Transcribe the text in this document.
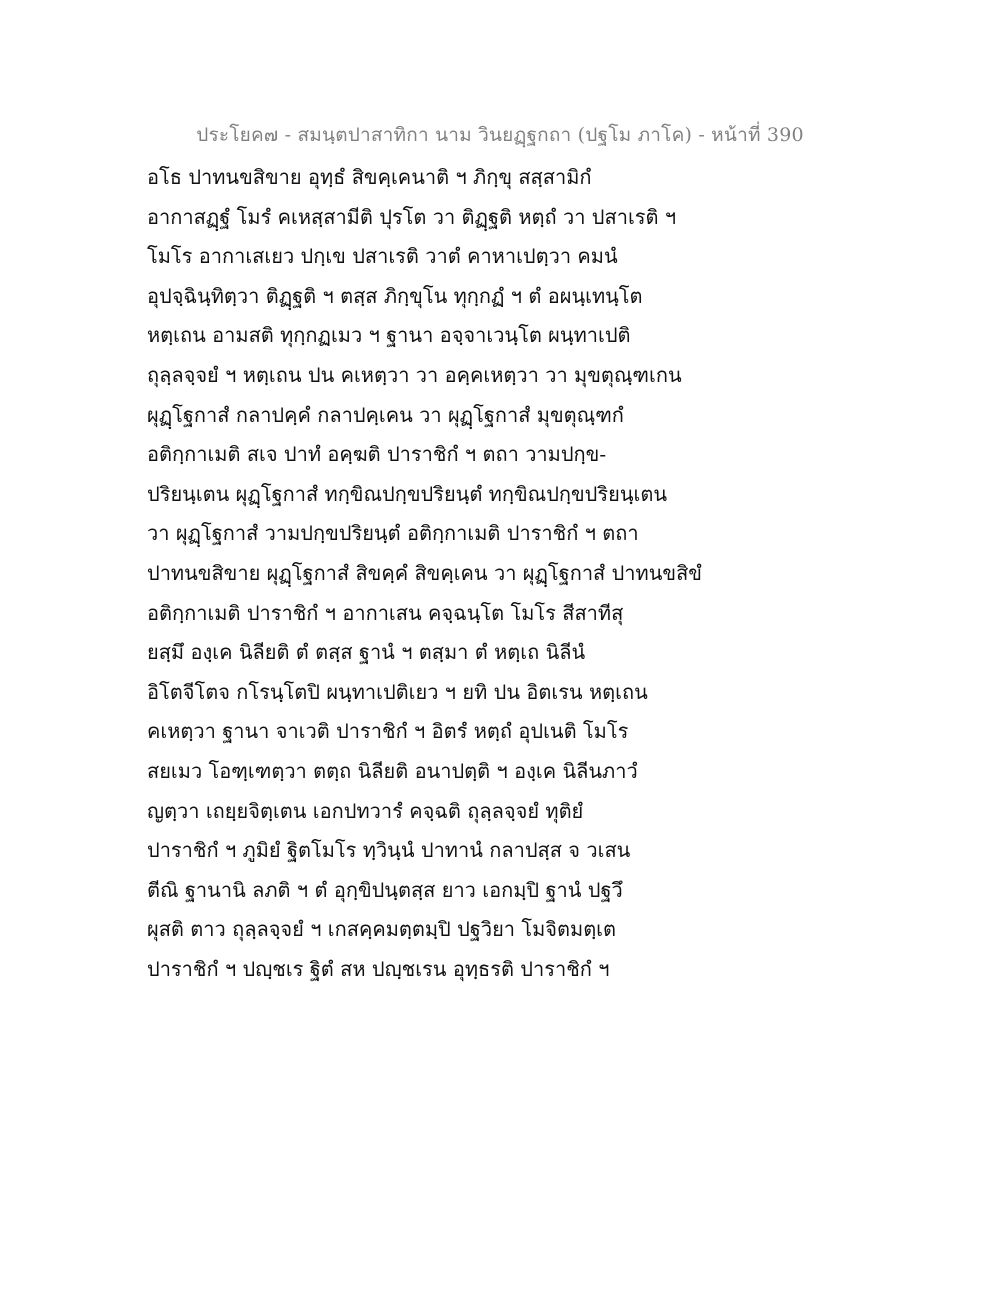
ประโยค๗ - สมนฺตปาสาทิกา นาม วินยฏฺฐกถา (ปฐโม ภาโค) - หน้าที่ 390
อโธ ปาทนขสิขาย อุทฺธํ สิขคฺเคนาติ ฯ ภิกฺขุ สสฺสามิกํ
อากาสฏฺฐํ โมรํ คเหสฺสามีติ ปุรโต วา ติฏฺฐติ หตฺถํ วา ปสาเรติ ฯ
โมโร อากาเสเยว ปกฺเข ปสาเรติ วาตํ คาหาเปตฺวา คมนํ
อุปจฺฉินฺทิตฺวา ติฏฺฐติ ฯ ตสฺส ภิกฺขุโน ทุกฺกฏํ ฯ ตํ อผนฺเทนฺโต
หตฺเถน อามสติ ทุกฺกฏเมว ฯ ฐานา อจฺจาเวนฺโต ผนฺทาเปติ
ถุลฺลจฺจยํ ฯ หตฺเถน ปน คเหตฺวา วา อคฺคเหตฺวา วา มุขตุณฺฑเกน
ผุฏฺโฐกาสํ กลาปคฺคํ กลาปคฺเคน วา ผุฏฺโฐกาสํ มุขตุณฺฑกํ
อติกฺกาเมติ สเจ ปาทํ อคฺฆติ ปาราชิกํ ฯ ตถา วามปกฺข-
ปริยนฺเตน ผุฏฺโฐกาสํ ทกฺขิณปกฺขปริยนฺตํ ทกฺขิณปกฺขปริยนฺเตน
วา ผุฏฺโฐกาสํ วามปกฺขปริยนฺตํ อติกฺกาเมติ ปาราชิกํ ฯ ตถา
ปาทนขสิขาย ผุฏฺโฐกาสํ สิขคฺคํ สิขคฺเคน วา ผุฏฺโฐกาสํ ปาทนขสิขํ
อติกฺกาเมติ ปาราชิกํ ฯ อากาเสน คจฺฉนฺโต โมโร สีสาทีสุ
ยสฺมึ องฺเค นิลียติ ตํ ตสฺส ฐานํ ฯ ตสฺมา ตํ หตฺเถ นิลีนํ
อิโตจีโตจ กโรนฺโตปิ ผนฺทาเปติเยว ฯ ยทิ ปน อิตเรน หตฺเถน
คเหตฺวา ฐานา จาเวติ ปาราชิกํ ฯ อิตรํ หตฺถํ อุปเนติ โมโร
สยเมว โอฑฺเฑตฺวา ตตฺถ นิลียติ อนาปตฺติ ฯ องฺเค นิลีนภาวํ
ญตฺวา เถยฺยจิตฺเตน เอกปทวารํ คจฺฉติ ถุลฺลจฺจยํ ทุติยํ
ปาราชิกํ ฯ ภูมิยํ ฐิตโมโร ทฺวินฺนํ ปาทานํ กลาปสฺส จ วเสน
ตีณิ ฐานานิ ลภติ ฯ ตํ อุกฺขิปนฺตสฺส ยาว เอกมฺปิ ฐานํ ปฐวึ
ผุสติ ตาว ถุลฺลจฺจยํ ฯ เกสคฺคมตฺตมฺปิ ปฐวิยา โมจิตมตฺเต
ปาราชิกํ ฯ ปญฺชเร ฐิตํ สห ปญฺชเรน อุทฺธรติ ปาราชิกํ ฯ
